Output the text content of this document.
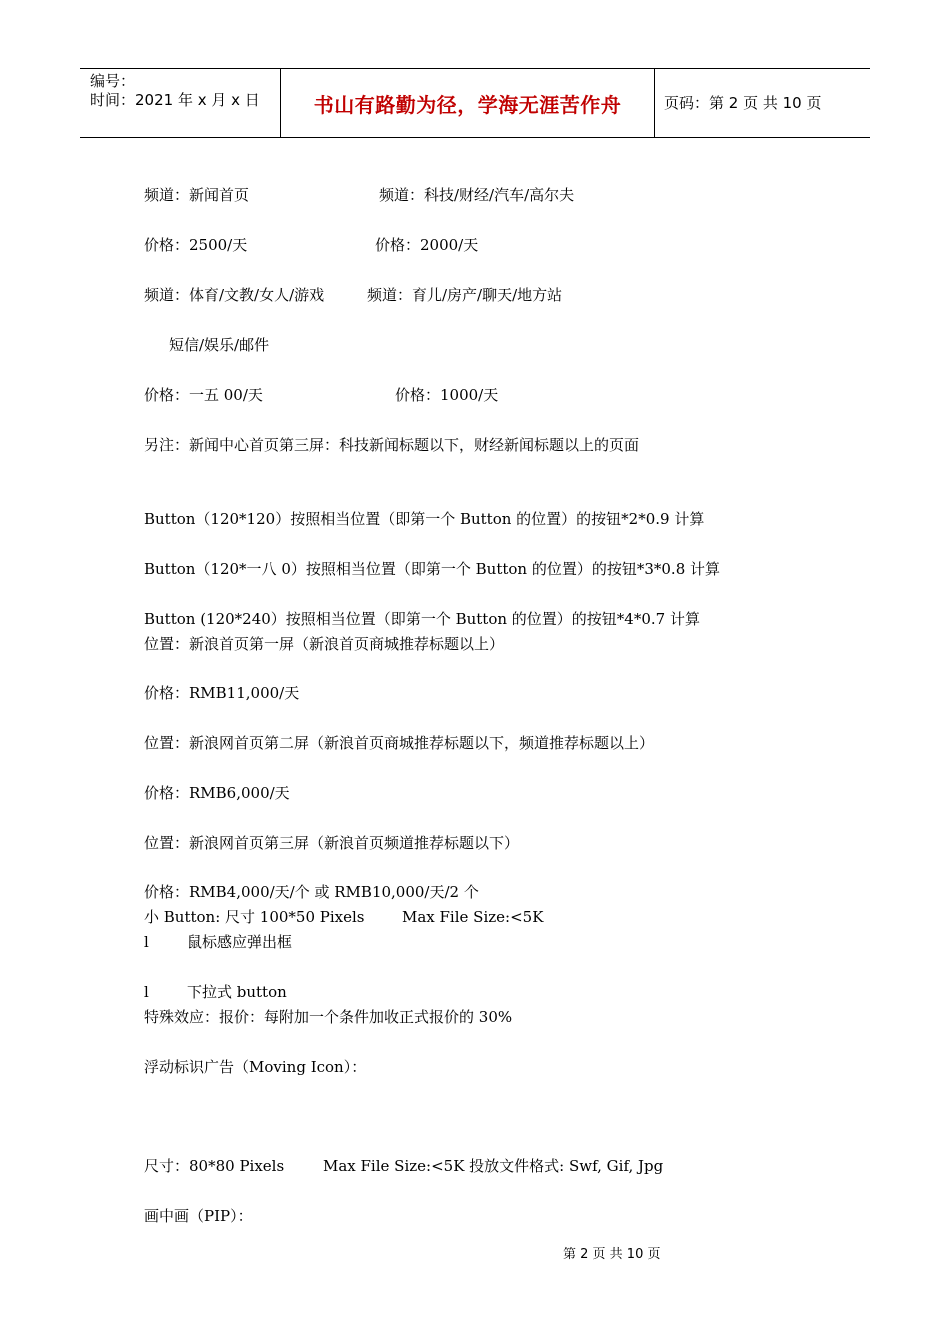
编号：
时间：2021 年 x 月 x 日	书山有路勤为径，学海无涯苦作舟	页码：第 2 页 共 10 页
频道：新闻首页	频道：科技/财经/汽车/高尔夫
价格：2500/天	价格：2000/天
频道：体育/文教/女人/游戏	频道：育儿/房产/聊天/地方站
短信/娱乐/邮件
价格：一五 00/天	价格：1000/天
另注：新闻中心首页第三屏：科技新闻标题以下，财经新闻标题以上的页面
Button（120*120）按照相当位置（即第一个 Button 的位置）的按钮*2*0.9 计算
Button（120*一八 0）按照相当位置（即第一个 Button 的位置）的按钮*3*0.8 计算
Button (120*240）按照相当位置（即第一个 Button 的位置）的按钮*4*0.7 计算
位置：新浪首页第一屏（新浪首页商城推荐标题以上）
价格：RMB11,000/天
位置：新浪网首页第二屏（新浪首页商城推荐标题以下，频道推荐标题以上）
价格：RMB6,000/天
位置：新浪网首页第三屏（新浪首页频道推荐标题以下）
价格：RMB4,000/天/个 或 RMB10,000/天/2 个
小 Button: 尺寸 100*50 Pixels	Max File Size:<5K
l	鼠标感应弹出框
l	下拉式 button
特殊效应：报价：每附加一个条件加收正式报价的 30%
浮动标识广告（Moving Icon）：
尺寸：80*80 Pixels	Max File Size:<5K 投放文件格式: Swf, Gif, Jpg
画中画（PIP）：
第 2 页 共 10 页
